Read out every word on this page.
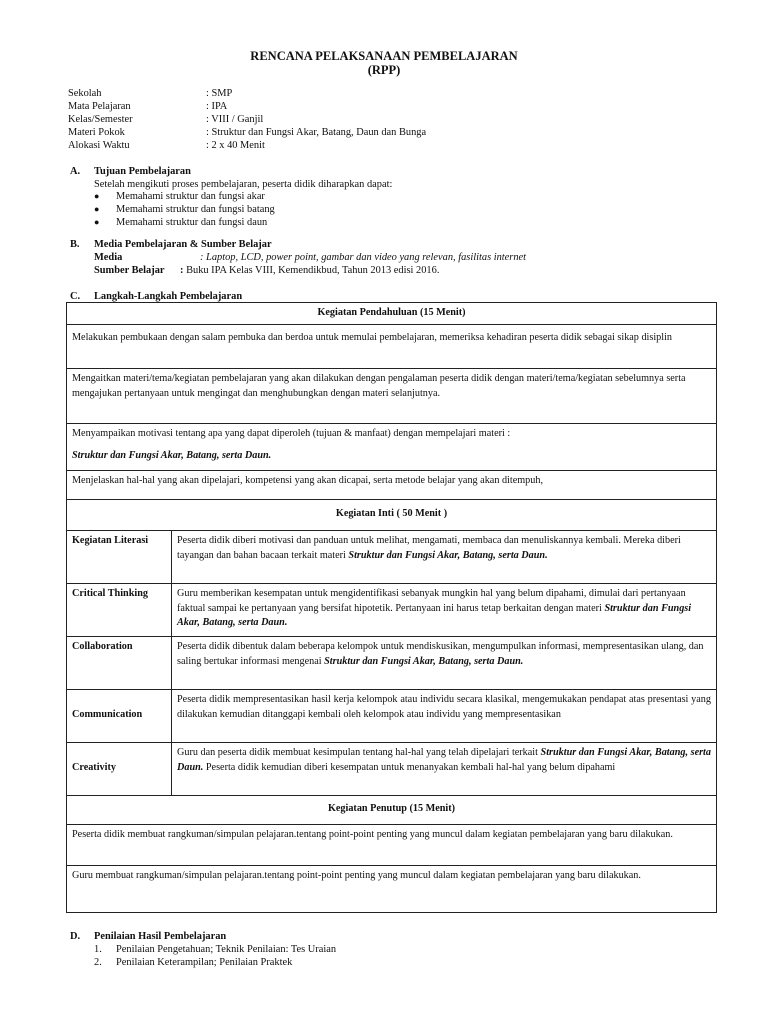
RENCANA PELAKSANAAN PEMBELAJARAN
(RPP)
Sekolah	: SMP
Mata Pelajaran	: IPA
Kelas/Semester	: VIII / Ganjil
Materi Pokok	: Struktur dan Fungsi Akar, Batang, Daun dan Bunga
Alokasi Waktu	: 2 x 40 Menit
A. Tujuan Pembelajaran
Setelah mengikuti proses pembelajaran, peserta didik diharapkan dapat:
● Memahami struktur dan fungsi akar
● Memahami struktur dan fungsi batang
● Memahami struktur dan fungsi daun
B. Media Pembelajaran & Sumber Belajar
Media	: Laptop, LCD, power point, gambar dan video yang relevan, fasilitas internet
Sumber Belajar : Buku IPA Kelas VIII, Kemendikbud, Tahun 2013 edisi 2016.
C. Langkah-Langkah Pembelajaran
Kegiatan Pendahuluan (15 Menit)	
Melakukan pembukaan dengan salam pembuka dan berdoa untuk memulai pembelajaran, memeriksa kehadiran peserta didik sebagai sikap disiplin	
Mengaitkan materi/tema/kegiatan pembelajaran yang akan dilakukan dengan pengalaman peserta didik dengan materi/tema/kegiatan sebelumnya serta mengajukan pertanyaan untuk mengingat dan menghubungkan dengan materi selanjutnya.	

Menyampaikan motivasi tentang apa yang dapat diperoleh (tujuan & manfaat) dengan mempelajari materi :
Struktur dan Fungsi Akar, Batang, serta Daun.	

Menjelaskan hal-hal yang akan dipelajari, kompetensi yang akan dicapai, serta metode belajar yang akan ditempuh,	
Kegiatan Inti ( 50 Menit )	
Kegiatan Literasi	Peserta didik diberi motivasi dan panduan untuk melihat, mengamati, membaca dan menuliskannya kembali. Mereka diberi tayangan dan bahan bacaan terkait materi Struktur dan Fungsi Akar, Batang, serta Daun.
Critical Thinking	Guru memberikan kesempatan untuk mengidentifikasi sebanyak mungkin hal yang belum dipahami, dimulai dari pertanyaan faktual sampai ke pertanyaan yang bersifat hipotetik. Pertanyaan ini harus tetap berkaitan dengan materi Struktur dan Fungsi Akar, Batang, serta Daun.
Collaboration	Peserta didik dibentuk dalam beberapa kelompok untuk mendiskusikan, mengumpulkan informasi, mempresentasikan ulang, dan saling bertukar informasi mengenai Struktur dan Fungsi Akar, Batang, serta Daun.
Communication	Peserta didik mempresentasikan hasil kerja kelompok atau individu secara klasikal, mengemukakan pendapat atas presentasi yang dilakukan kemudian ditanggapi kembali oleh kelompok atau individu yang mempresentasikan
Creativity	Guru dan peserta didik membuat kesimpulan tentang hal-hal yang telah dipelajari terkait Struktur dan Fungsi Akar, Batang, serta Daun. Peserta didik kemudian diberi kesempatan untuk menanyakan kembali hal-hal yang belum dipahami
Kegiatan Penutup (15 Menit)	
Peserta didik membuat rangkuman/simpulan pelajaran.tentang point-point penting yang muncul dalam kegiatan pembelajaran yang baru dilakukan.	
Guru membuat rangkuman/simpulan pelajaran.tentang point-point penting yang muncul dalam kegiatan pembelajaran yang baru dilakukan.	
D. Penilaian Hasil Pembelajaran
1. Penilaian Pengetahuan; Teknik Penilaian: Tes Uraian
2. Penilaian Keterampilan; Penilaian Praktek
